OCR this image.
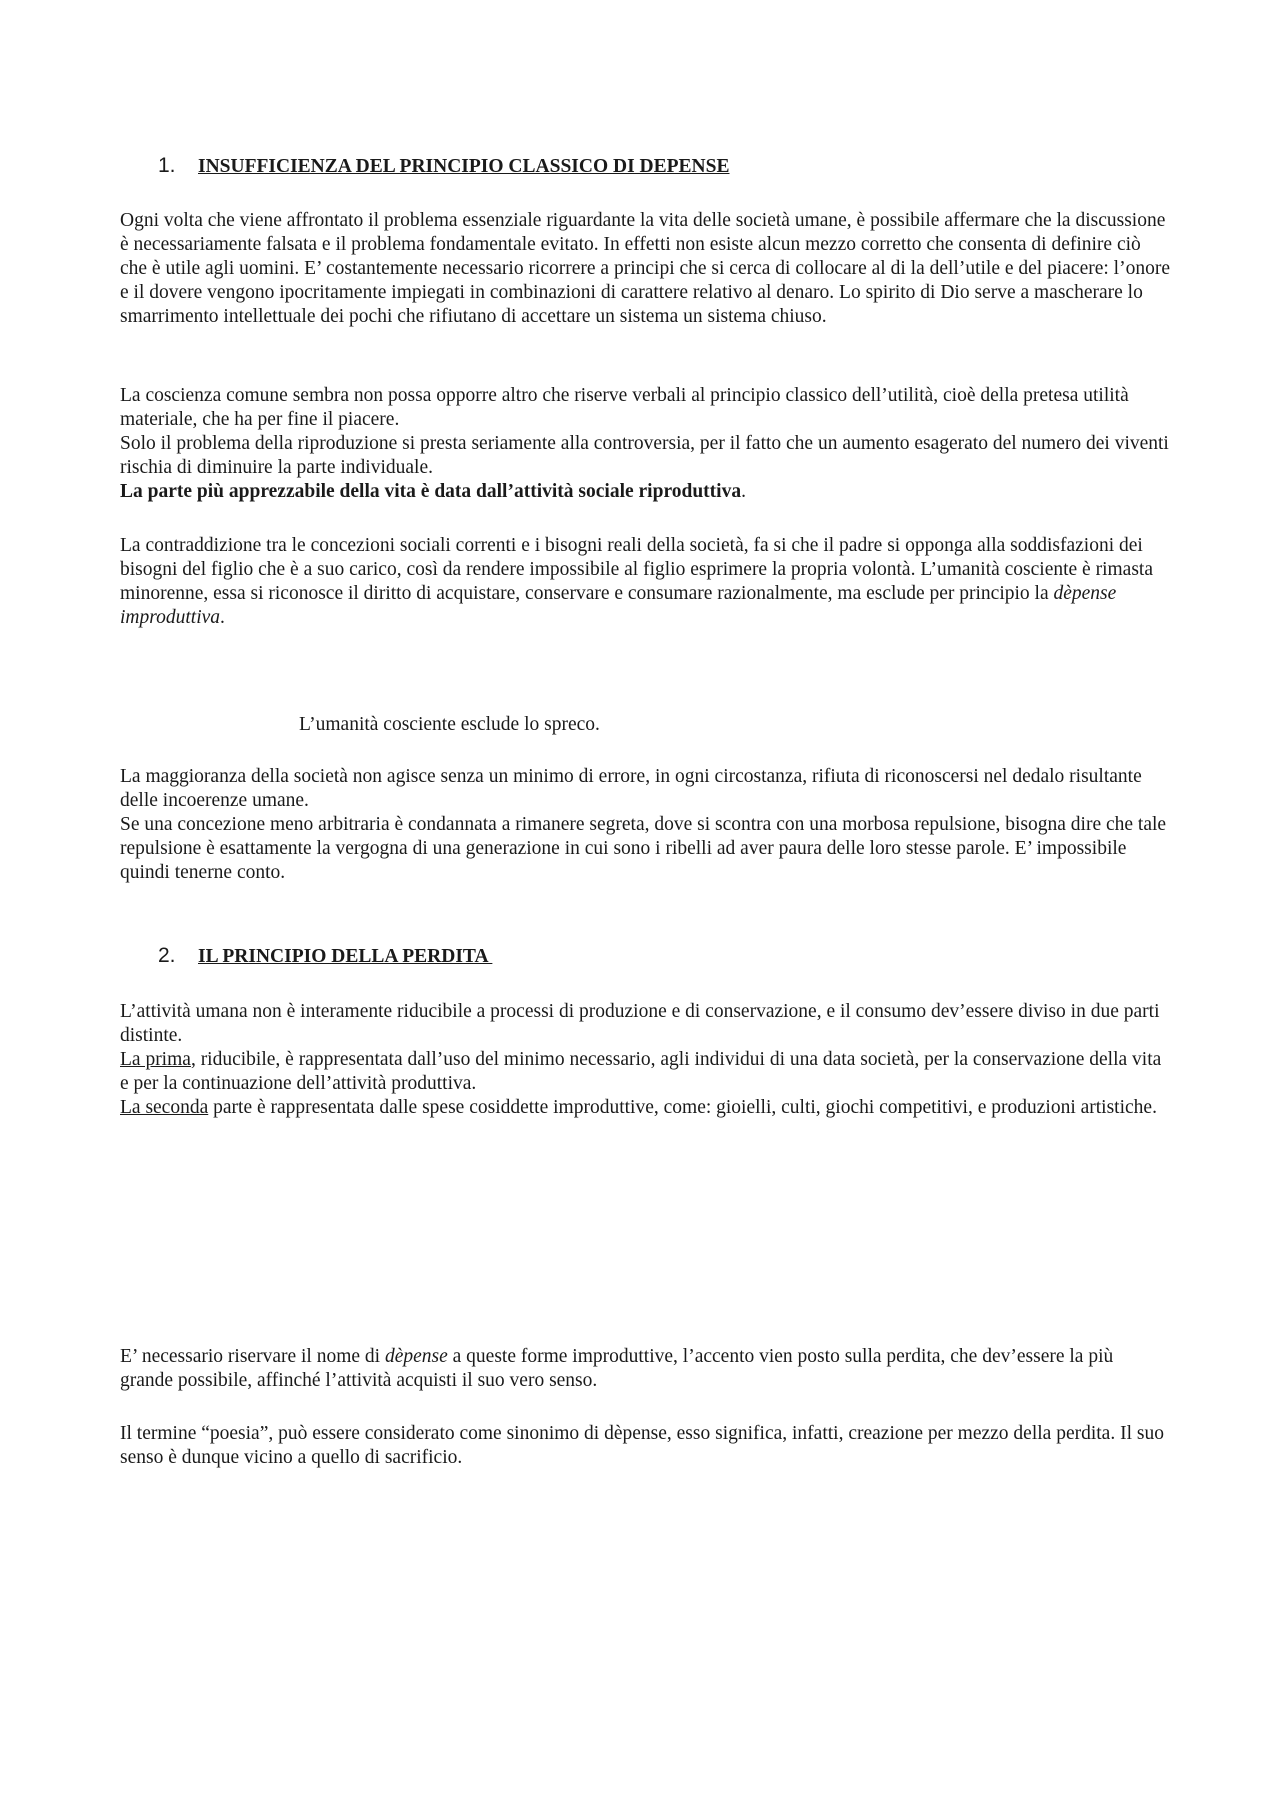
1. INSUFFICIENZA DEL PRINCIPIO CLASSICO DI DEPENSE

Ogni volta che viene affrontato il problema essenziale riguardante la vita delle società umane, è possibile affermare che la discussione è necessariamente falsata e il problema fondamentale evitato. In effetti non esiste alcun mezzo corretto che consenta di definire ciò che è utile agli uomini. E’ costantemente necessario ricorrere a principi che si cerca di collocare al di la dell’utile e del piacere: l’onore e il dovere vengono ipocritamente impiegati in combinazioni di carattere relativo al denaro. Lo spirito di Dio serve a mascherare lo smarrimento intellettuale dei pochi che rifiutano di accettare un sistema un sistema chiuso.

La coscienza comune sembra non possa opporre altro che riserve verbali al principio classico dell’utilità, cioè della pretesa utilità materiale, che ha per fine il piacere.

Solo il problema della riproduzione si presta seriamente alla controversia, per il fatto che un aumento esagerato del numero dei viventi rischia di diminuire la parte individuale.

La parte più apprezzabile della vita è data dall’attività sociale riproduttiva.

La contraddizione tra le concezioni sociali correnti e i bisogni reali della società, fa si che il padre si opponga alla soddisfazioni dei bisogni del figlio che è a suo carico, così da rendere impossibile al figlio esprimere la propria volontà. L’umanità cosciente è rimasta minorenne, essa si riconosce il diritto di acquistare, conservare e consumare razionalmente, ma esclude per principio la dèpense improduttiva.

L’umanità cosciente esclude lo spreco.

La maggioranza della società non agisce senza un minimo di errore, in ogni circostanza, rifiuta di riconoscersi nel dedalo risultante delle incoerenze umane.

Se una concezione meno arbitraria è condannata a rimanere segreta, dove si scontra con una morbosa repulsione, bisogna dire che tale repulsione è esattamente la vergogna di una generazione in cui sono i ribelli ad aver paura delle loro stesse parole. E’ impossibile quindi tenerne conto.

2. IL PRINCIPIO DELLA PERDITA

L’attività umana non è interamente riducibile a processi di produzione e di conservazione, e il consumo dev’essere diviso in due parti distinte.

La prima, riducibile, è rappresentata dall’uso del minimo necessario, agli individui di una data società, per la conservazione della vita e per la continuazione dell’attività produttiva.

La seconda parte è rappresentata dalle spese cosiddette improduttive, come: gioielli, culti, giochi competitivi, e produzioni artistiche.

E’ necessario riservare il nome di dèpense a queste forme improduttive, l’accento vien posto sulla perdita, che dev’essere la più grande possibile, affinché l’attività acquisti il suo vero senso.

Il termine “poesia”, può essere considerato come sinonimo di dèpense, esso significa, infatti, creazione per mezzo della perdita. Il suo senso è dunque vicino a quello di sacrificio.
